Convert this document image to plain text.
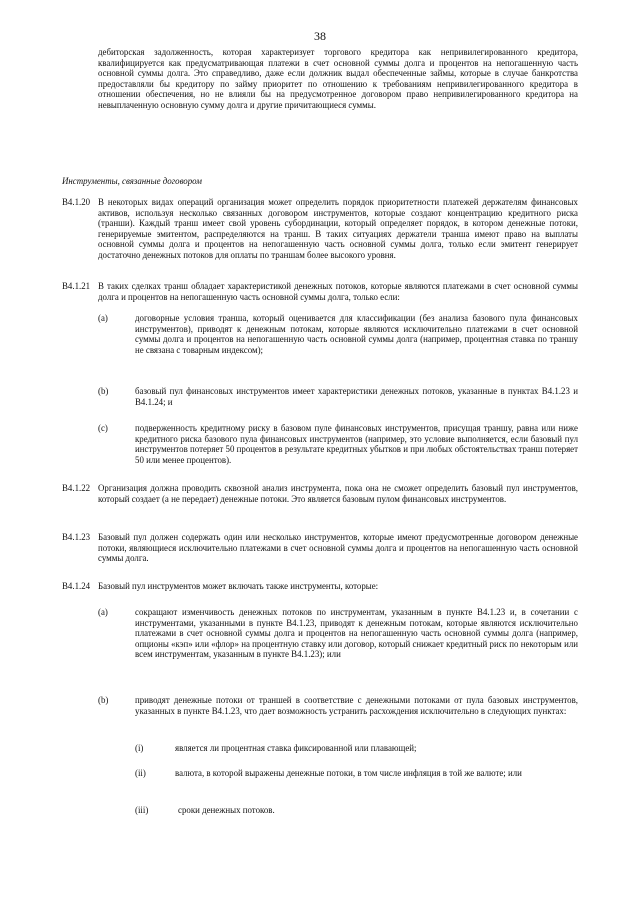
38
дебиторская задолженность, которая характеризует торгового кредитора как непривилегированного кредитора, квалифицируется как предусматривающая платежи в счет основной суммы долга и процентов на непогашенную часть основной суммы долга. Это справедливо, даже если должник выдал обеспеченные займы, которые в случае банкротства предоставляли бы кредитору по займу приоритет по отношению к требованиям непривилегированного кредитора в отношении обеспечения, но не влияли бы на предусмотренное договором право непривилегированного кредитора на невыплаченную основную сумму долга и другие причитающиеся суммы.
Инструменты, связанные договором
B4.1.20 В некоторых видах операций организация может определить порядок приоритетности платежей держателям финансовых активов, используя несколько связанных договором инструментов, которые создают концентрацию кредитного риска (транши). Каждый транш имеет свой уровень субординации, который определяет порядок, в котором денежные потоки, генерируемые эмитентом, распределяются на транш. В таких ситуациях держатели транша имеют право на выплаты основной суммы долга и процентов на непогашенную часть основной суммы долга, только если эмитент генерирует достаточно денежных потоков для оплаты по траншам более высокого уровня.
B4.1.21 В таких сделках транш обладает характеристикой денежных потоков, которые являются платежами в счет основной суммы долга и процентов на непогашенную часть основной суммы долга, только если:
(a)	договорные условия транша, который оценивается для классификации (без анализа базового пула финансовых инструментов), приводят к денежным потокам, которые являются исключительно платежами в счет основной суммы долга и процентов на непогашенную часть основной суммы долга (например, процентная ставка по траншу не связана с товарным индексом);
(b)	базовый пул финансовых инструментов имеет характеристики денежных потоков, указанные в пунктах B4.1.23 и B4.1.24; и
(c)	подверженность кредитному риску в базовом пуле финансовых инструментов, присущая траншу, равна или ниже кредитного риска базового пула финансовых инструментов (например, это условие выполняется, если базовый пул инструментов потеряет 50 процентов в результате кредитных убытков и при любых обстоятельствах транш потеряет 50 или менее процентов).
B4.1.22 Организация должна проводить сквозной анализ инструмента, пока она не сможет определить базовый пул инструментов, который создает (а не передает) денежные потоки. Это является базовым пулом финансовых инструментов.
B4.1.23 Базовый пул должен содержать один или несколько инструментов, которые имеют предусмотренные договором денежные потоки, являющиеся исключительно платежами в счет основной суммы долга и процентов на непогашенную часть основной суммы долга.
B4.1.24 Базовый пул инструментов может включать также инструменты, которые:
(a)	сокращают изменчивость денежных потоков по инструментам, указанным в пункте B4.1.23 и, в сочетании с инструментами, указанными в пункте B4.1.23, приводят к денежным потокам, которые являются исключительно платежами в счет основной суммы долга и процентов на непогашенную часть основной суммы долга (например, опционы «кэп» или «флор» на процентную ставку или договор, который снижает кредитный риск по некоторым или всем инструментам, указанным в пункте B4.1.23); или
(b)	приводят денежные потоки от траншей в соответствие с денежными потоками от пула базовых инструментов, указанных в пункте B4.1.23, что дает возможность устранить расхождения исключительно в следующих пунктах:
(i)	является ли процентная ставка фиксированной или плавающей;
(ii)	валюта, в которой выражены денежные потоки, в том числе инфляция в той же валюте; или
(iii)	сроки денежных потоков.
